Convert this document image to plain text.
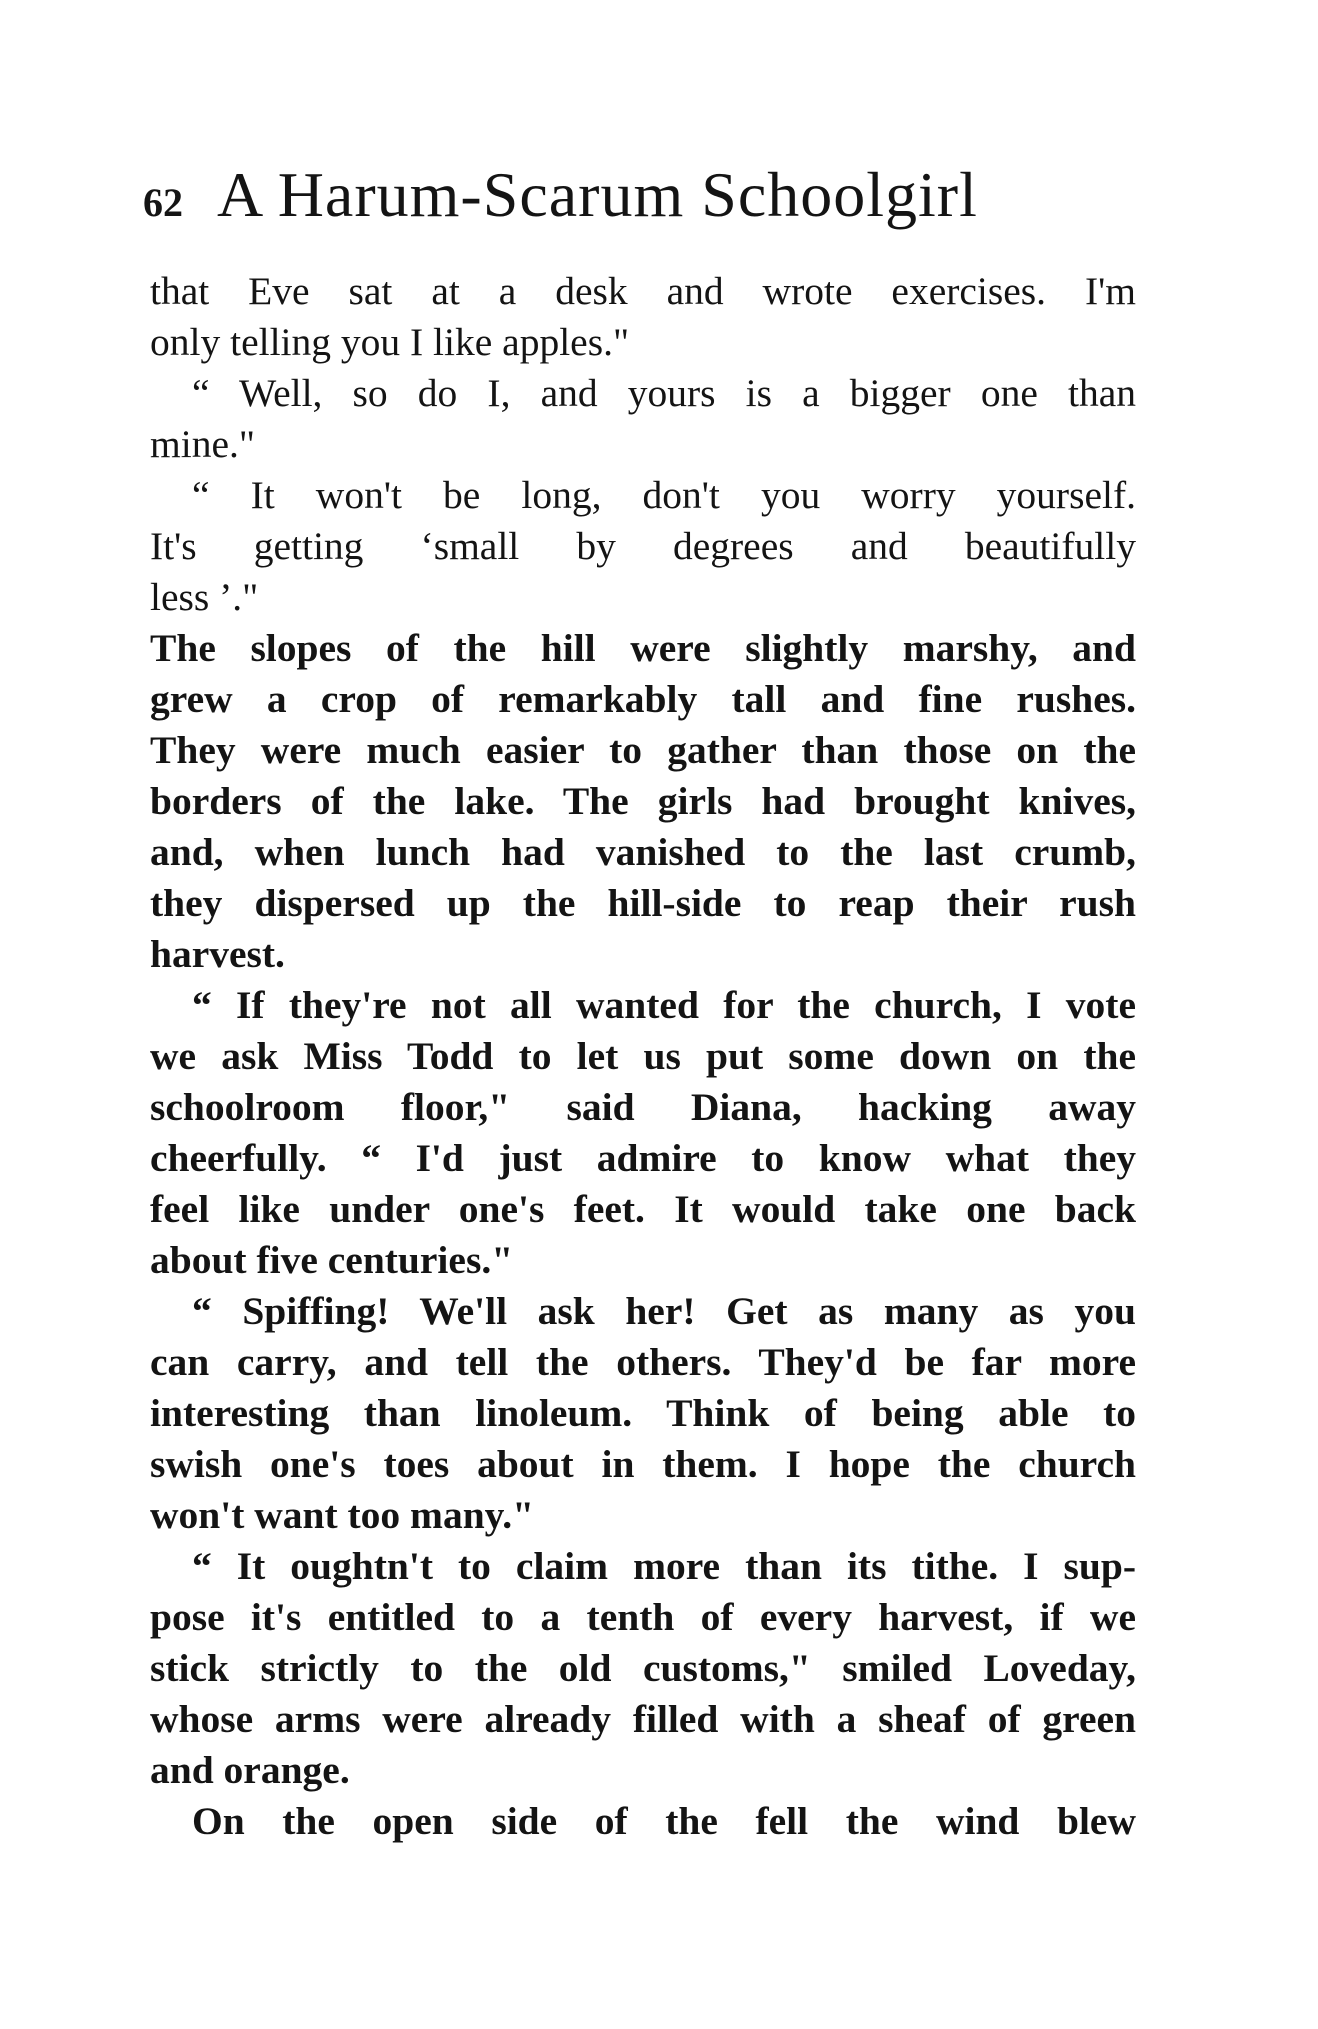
62 A Harum-Scarum Schoolgirl
that Eve sat at a desk and wrote exercises. I'm
only telling you I like apples."
“ Well, so do I, and yours is a bigger one than
mine."
“ It won't be long, don't you worry yourself.
It's getting ‘small by degrees and beautifully
less ’."
The slopes of the hill were slightly marshy, and
grew a crop of remarkably tall and fine rushes.
They were much easier to gather than those on the
borders of the lake. The girls had brought knives,
and, when lunch had vanished to the last crumb,
they dispersed up the hill-side to reap their rush
harvest.
“ If they're not all wanted for the church, I vote
we ask Miss Todd to let us put some down on the
schoolroom floor," said Diana, hacking away
cheerfully. “ I'd just admire to know what they
feel like under one's feet. It would take one back
about five centuries."
“ Spiffing! We'll ask her! Get as many as you
can carry, and tell the others. They'd be far more
interesting than linoleum. Think of being able to
swish one's toes about in them. I hope the church
won't want too many."
“ It oughtn't to claim more than its tithe. I sup-
pose it's entitled to a tenth of every harvest, if we
stick strictly to the old customs," smiled Loveday,
whose arms were already filled with a sheaf of green
and orange.
On the open side of the fell the wind blew
